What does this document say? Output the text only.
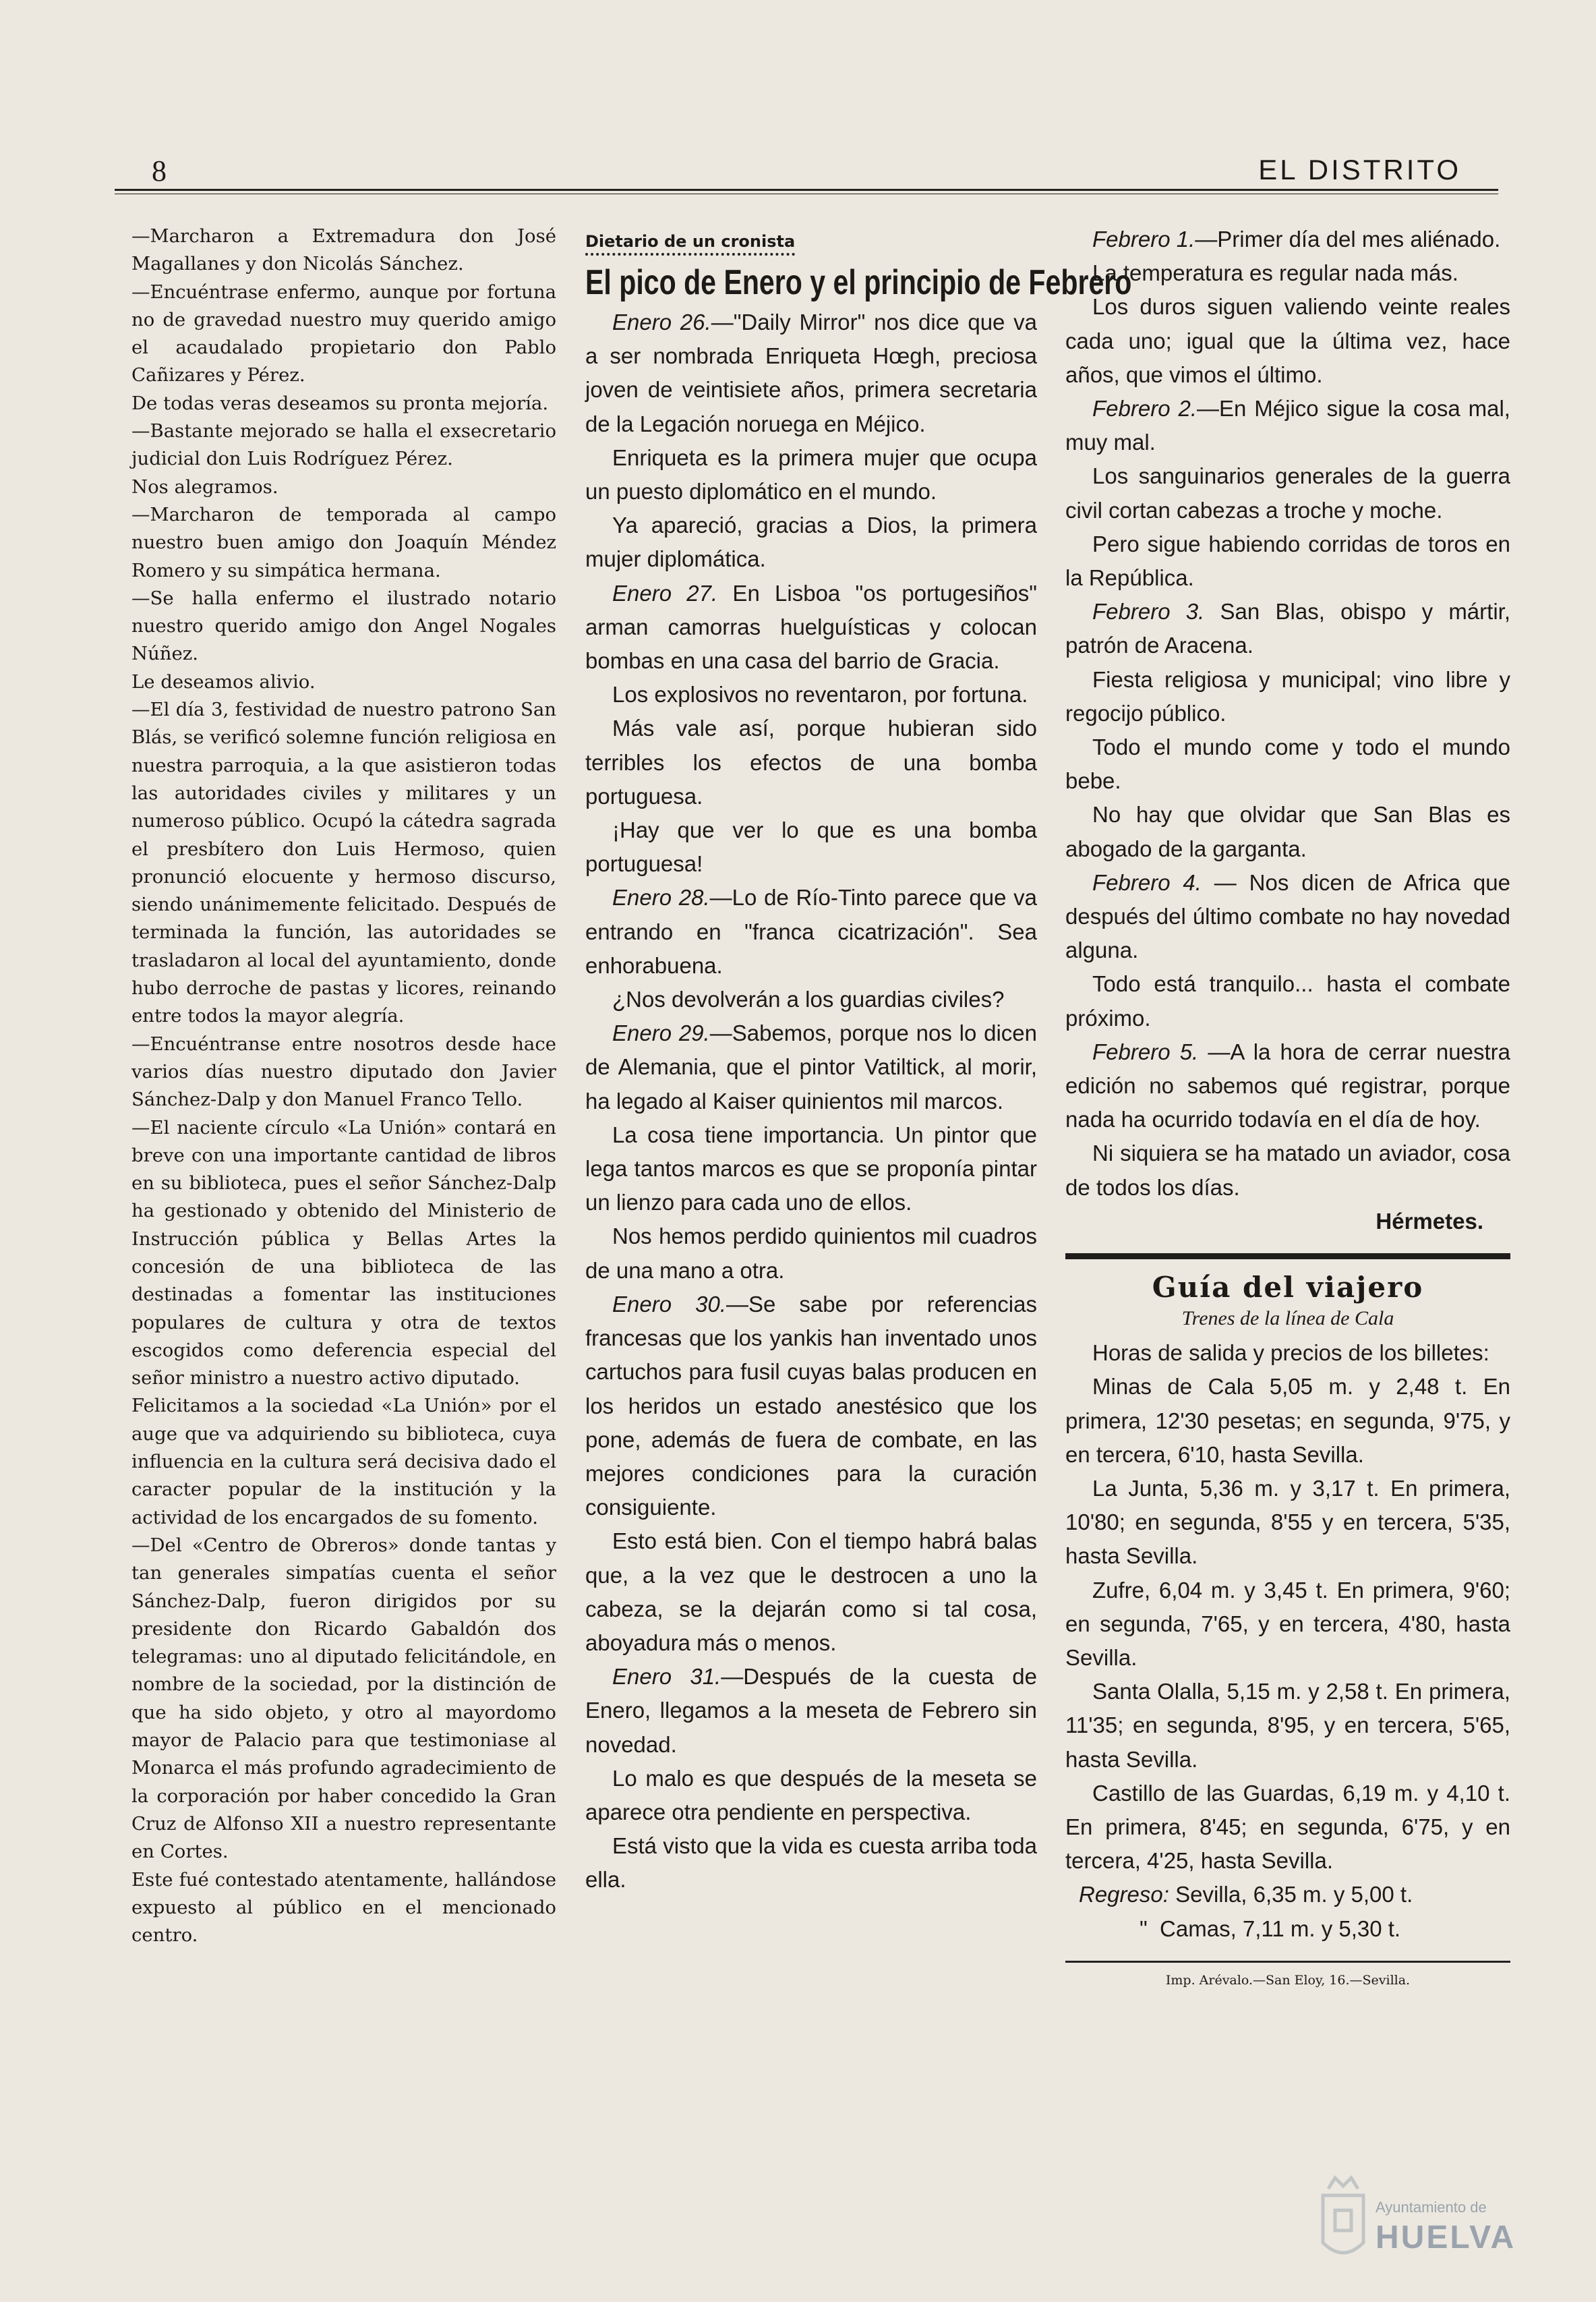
8	EL DISTRITO

—Marcharon a Extremadura don José Magallanes y don Nicolás Sánchez.

—Encuéntrase enfermo, aunque por fortuna no de gravedad nuestro muy querido amigo el acaudalado propietario don Pablo Cañizares y Pérez.

De todas veras deseamos su pronta mejoría.

—Bastante mejorado se halla el exsecretario judicial don Luis Rodríguez Pérez.

Nos alegramos.

—Marcharon de temporada al campo nuestro buen amigo don Joaquín Méndez Romero y su simpática hermana.

—Se halla enfermo el ilustrado notario nuestro querido amigo don Angel Nogales Núñez.

Le deseamos alivio.

—El día 3, festividad de nuestro patrono San Blás, se verificó solemne función religiosa en nuestra parroquia, a la que asistieron todas las autoridades civiles y militares y un numeroso público. Ocupó la cátedra sagrada el presbítero don Luis Hermoso, quien pronunció elocuente y hermoso discurso, siendo unánimemente felicitado. Después de terminada la función, las autoridades se trasladaron al local del ayuntamiento, donde hubo derroche de pastas y licores, reinando entre todos la mayor alegría.

—Encuéntranse entre nosotros desde hace varios días nuestro diputado don Javier Sánchez-Dalp y don Manuel Franco Tello.

—El naciente círculo «La Unión» contará en breve con una importante cantidad de libros en su biblioteca, pues el señor Sánchez-Dalp ha gestionado y obtenido del Ministerio de Instrucción pública y Bellas Artes la concesión de una biblioteca de las destinadas a fomentar las instituciones populares de cultura y otra de textos escogidos como deferencia especial del señor ministro a nuestro activo diputado.

Felicitamos a la sociedad «La Unión» por el auge que va adquiriendo su biblioteca, cuya influencia en la cultura será decisiva dado el caracter popular de la institución y la actividad de los encargados de su fomento.

—Del «Centro de Obreros» donde tantas y tan generales simpatías cuenta el señor Sánchez-Dalp, fueron dirigidos por su presidente don Ricardo Gabaldón dos telegramas: uno al diputado felicitándole, en nombre de la sociedad, por la distinción de que ha sido objeto, y otro al mayordomo mayor de Palacio para que testimoniase al Monarca el más profundo agradecimiento de la corporación por haber concedido la Gran Cruz de Alfonso XII a nuestro representante en Cortes.

Este fué contestado atentamente, hallándose expuesto al público en el mencionado centro.

Dietario de un cronista
El pico de Enero y el principio de Febrero

Enero 26.—"Daily Mirror" nos dice que va a ser nombrada Enriqueta Hœgh, preciosa joven de veintisiete años, primera secretaria de la Legación noruega en Méjico.

Enriqueta es la primera mujer que ocupa un puesto diplomático en el mundo.

Ya apareció, gracias a Dios, la primera mujer diplomática.

Enero 27. En Lisboa "os portugesiños" arman camorras huelguísticas y colocan bombas en una casa del barrio de Gracia.

Los explosivos no reventaron, por fortuna.

Más vale así, porque hubieran sido terribles los efectos de una bomba portuguesa.

¡Hay que ver lo que es una bomba portuguesa!

Enero 28.—Lo de Río-Tinto parece que va entrando en "franca cicatrización". Sea enhorabuena.

¿Nos devolverán a los guardias civiles?

Enero 29.—Sabemos, porque nos lo dicen de Alemania, que el pintor Vatiltick, al morir, ha legado al Kaiser quinientos mil marcos.

La cosa tiene importancia. Un pintor que lega tantos marcos es que se proponía pintar un lienzo para cada uno de ellos.

Nos hemos perdido quinientos mil cuadros de una mano a otra.

Enero 30.—Se sabe por referencias francesas que los yankis han inventado unos cartuchos para fusil cuyas balas producen en los heridos un estado anestésico que los pone, además de fuera de combate, en las mejores condiciones para la curación consiguiente.

Esto está bien. Con el tiempo habrá balas que, a la vez que le destrocen a uno la cabeza, se la dejarán como si tal cosa, aboyadura más o menos.

Enero 31.—Después de la cuesta de Enero, llegamos a la meseta de Febrero sin novedad.

Lo malo es que después de la meseta se aparece otra pendiente en perspectiva.

Está visto que la vida es cuesta arriba toda ella.

Febrero 1.—Primer día del mes aliénado.

La temperatura es regular nada más.

Los duros siguen valiendo veinte reales cada uno; igual que la última vez, hace años, que vimos el último.

Febrero 2.—En Méjico sigue la cosa mal, muy mal.

Los sanguinarios generales de la guerra civil cortan cabezas a troche y moche.

Pero sigue habiendo corridas de toros en la República.

Febrero 3. San Blas, obispo y mártir, patrón de Aracena.

Fiesta religiosa y municipal; vino libre y regocijo público.

Todo el mundo come y todo el mundo bebe.

No hay que olvidar que San Blas es abogado de la garganta.

Febrero 4. — Nos dicen de Africa que después del último combate no hay novedad alguna.

Todo está tranquilo... hasta el combate próximo.

Febrero 5. —A la hora de cerrar nuestra edición no sabemos qué registrar, porque nada ha ocurrido todavía en el día de hoy.

Ni siquiera se ha matado un aviador, cosa de todos los días.

Hérmetes.

Guía del viajero
Trenes de la línea de Cala

Horas de salida y precios de los billetes:

Minas de Cala 5,05 m. y 2,48 t. En primera, 12'30 pesetas; en segunda, 9'75, y en tercera, 6'10, hasta Sevilla.

La Junta, 5,36 m. y 3,17 t. En primera, 10'80; en segunda, 8'55 y en tercera, 5'35, hasta Sevilla.

Zufre, 6,04 m. y 3,45 t. En primera, 9'60; en segunda, 7'65, y en tercera, 4'80, hasta Sevilla.

Santa Olalla, 5,15 m. y 2,58 t. En primera, 11'35; en segunda, 8'95, y en tercera, 5'65, hasta Sevilla.

Castillo de las Guardas, 6,19 m. y 4,10 t. En primera, 8'45; en segunda, 6'75, y en tercera, 4'25, hasta Sevilla.

Regreso: Sevilla, 6,35 m. y 5,00 t.

"  Camas, 7,11 m. y 5,30 t.

Imp. Arévalo.—San Eloy, 16.—Sevilla.
Ayuntamiento de
HUELVA
